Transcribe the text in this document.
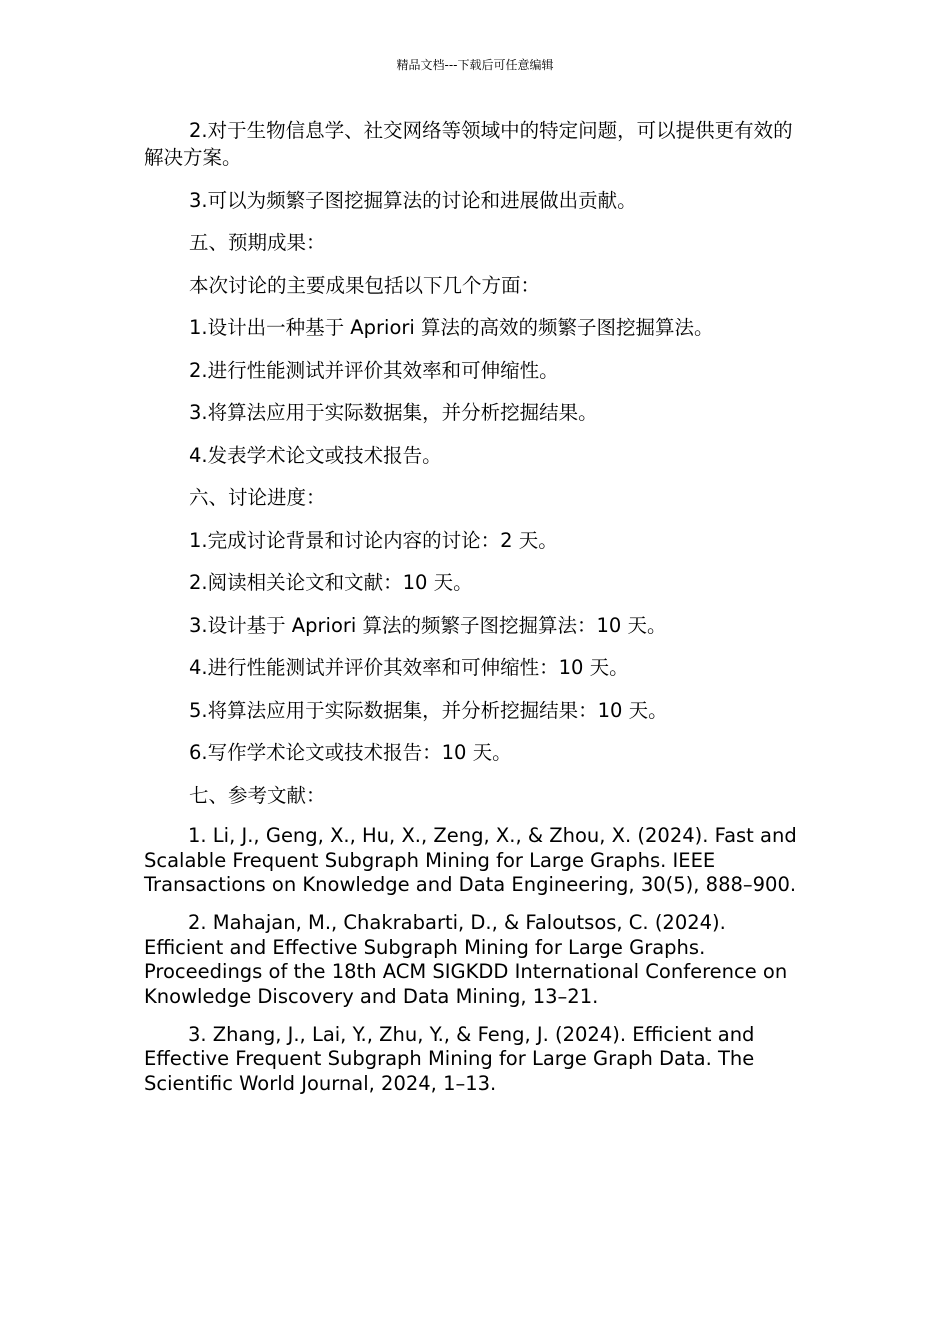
精品文档---下载后可任意编辑

2.对于生物信息学、社交网络等领域中的特定问题，可以提供更有效的解决方案。

3.可以为频繁子图挖掘算法的讨论和进展做出贡献。

五、预期成果：

本次讨论的主要成果包括以下几个方面：

1.设计出一种基于 Apriori 算法的高效的频繁子图挖掘算法。

2.进行性能测试并评价其效率和可伸缩性。

3.将算法应用于实际数据集，并分析挖掘结果。

4.发表学术论文或技术报告。

六、讨论进度：

1.完成讨论背景和讨论内容的讨论：2 天。

2.阅读相关论文和文献：10 天。

3.设计基于 Apriori 算法的频繁子图挖掘算法：10 天。

4.进行性能测试并评价其效率和可伸缩性：10 天。

5.将算法应用于实际数据集，并分析挖掘结果：10 天。

6.写作学术论文或技术报告：10 天。

七、参考文献：

1. Li, J., Geng, X., Hu, X., Zeng, X., & Zhou, X. (2024). Fast and Scalable Frequent Subgraph Mining for Large Graphs. IEEE Transactions on Knowledge and Data Engineering, 30(5), 888–900.

2. Mahajan, M., Chakrabarti, D., & Faloutsos, C. (2024). Efficient and Effective Subgraph Mining for Large Graphs. Proceedings of the 18th ACM SIGKDD International Conference on Knowledge Discovery and Data Mining, 13–21.

3. Zhang, J., Lai, Y., Zhu, Y., & Feng, J. (2024). Efficient and Effective Frequent Subgraph Mining for Large Graph Data. The Scientific World Journal, 2024, 1–13.
